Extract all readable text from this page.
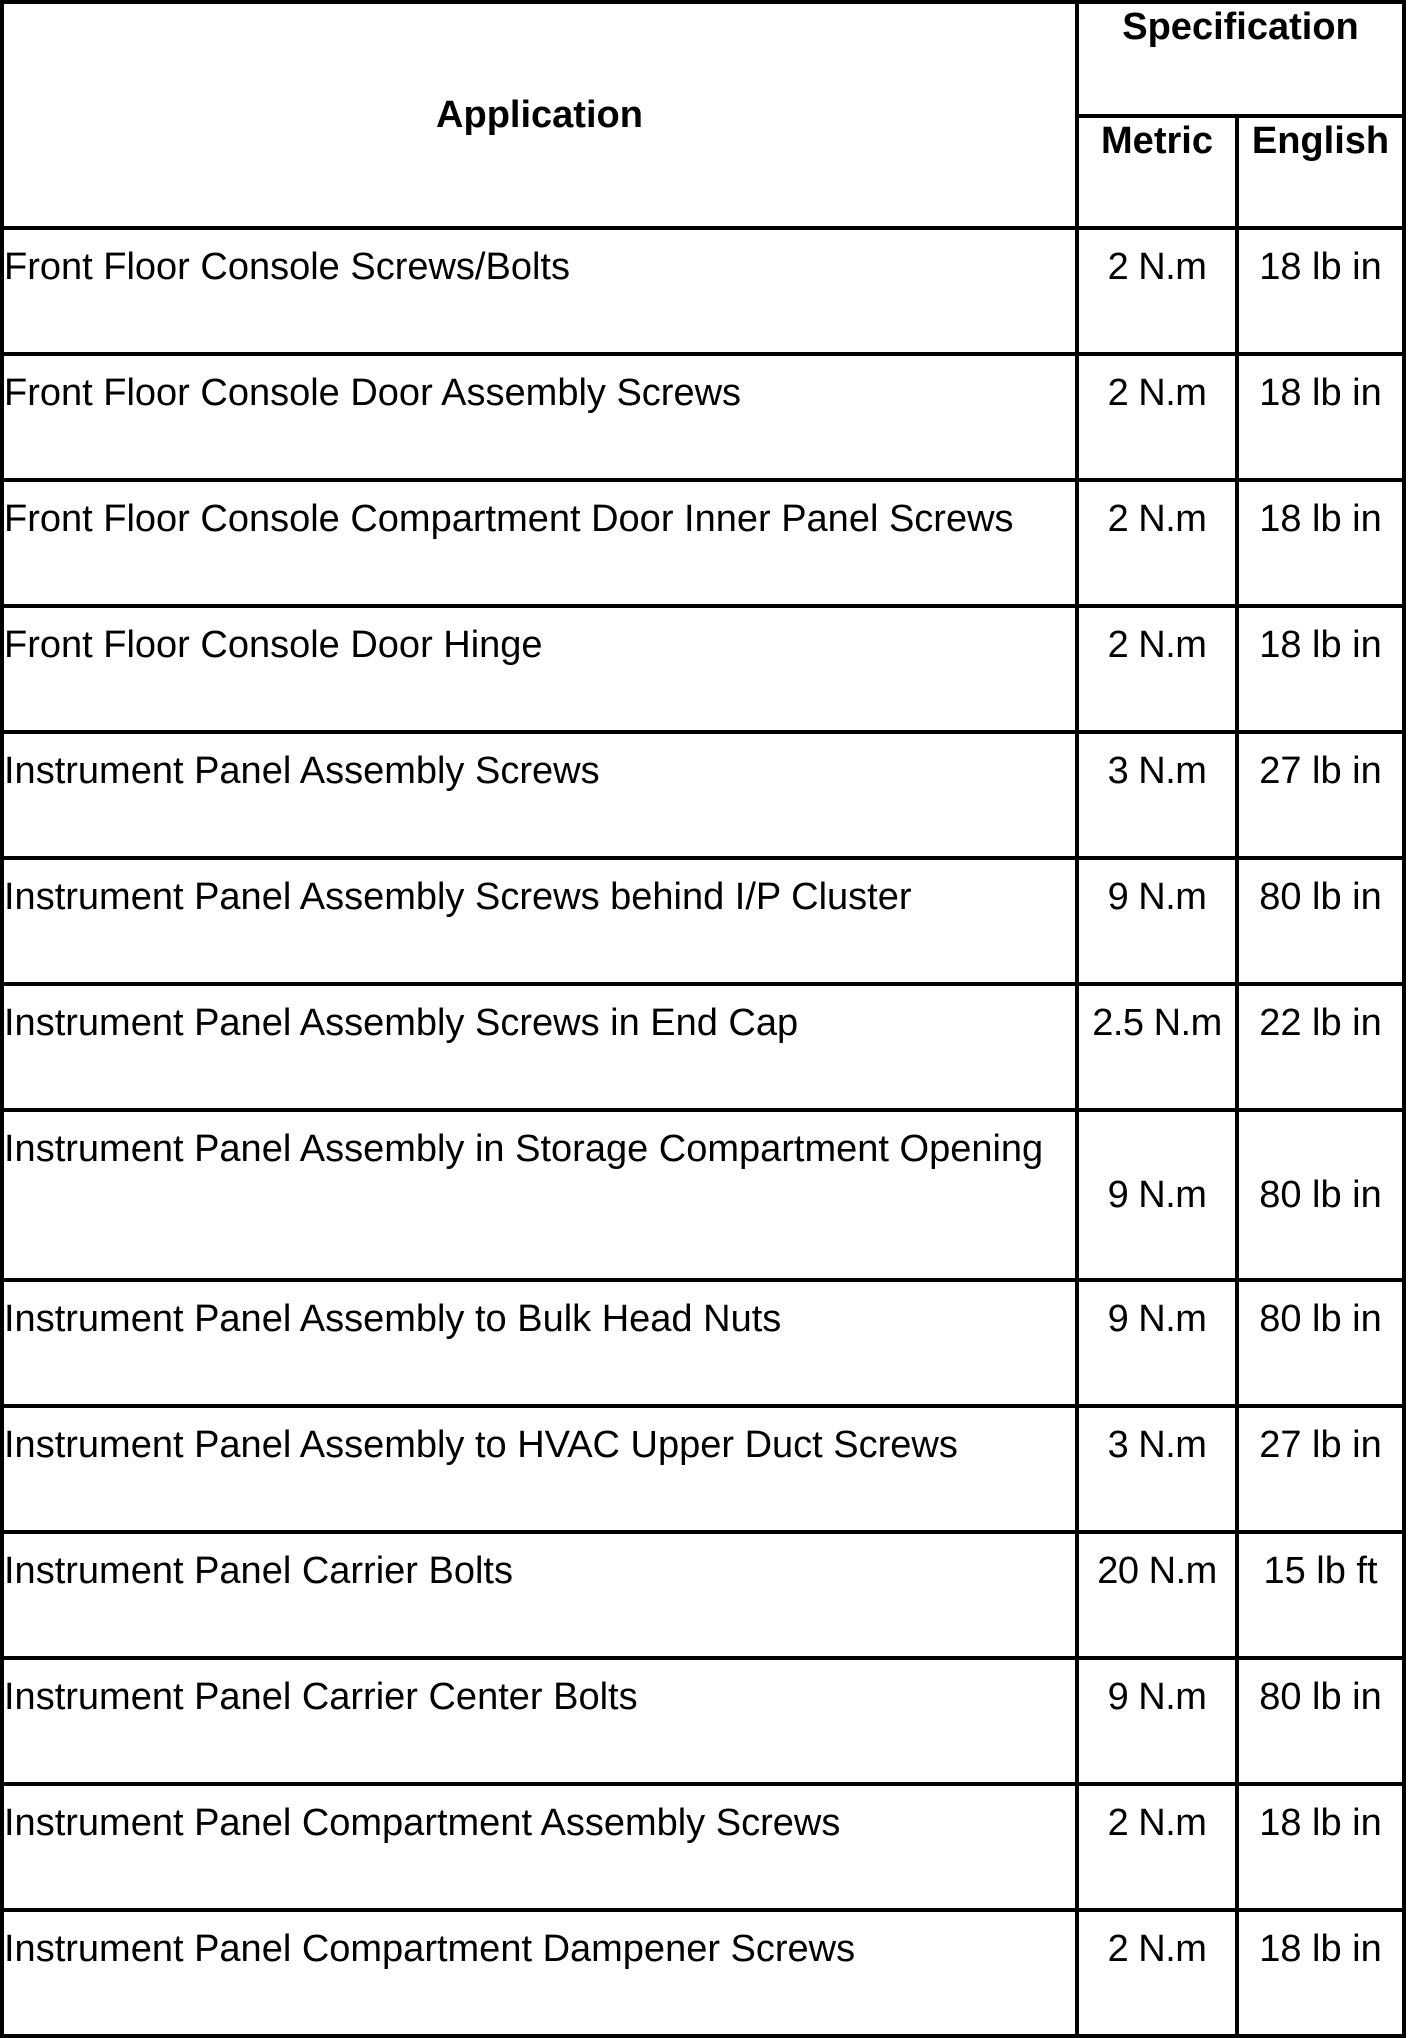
Application	Specification	
	Metric	English
Front Floor Console Screws/Bolts	2 N.m	18 lb in
Front Floor Console Door Assembly Screws	2 N.m	18 lb in
Front Floor Console Compartment Door Inner Panel Screws	2 N.m	18 lb in
Front Floor Console Door Hinge	2 N.m	18 lb in
Instrument Panel Assembly Screws	3 N.m	27 lb in
Instrument Panel Assembly Screws behind I/P Cluster	9 N.m	80 lb in
Instrument Panel Assembly Screws in End Cap	2.5 N.m	22 lb in
Instrument Panel Assembly in Storage Compartment Opening	9 N.m	80 lb in
Instrument Panel Assembly to Bulk Head Nuts	9 N.m	80 lb in
Instrument Panel Assembly to HVAC Upper Duct Screws	3 N.m	27 lb in
Instrument Panel Carrier Bolts	20 N.m	15 lb ft
Instrument Panel Carrier Center Bolts	9 N.m	80 lb in
Instrument Panel Compartment Assembly Screws	2 N.m	18 lb in
Instrument Panel Compartment Dampener Screws	2 N.m	18 lb in
